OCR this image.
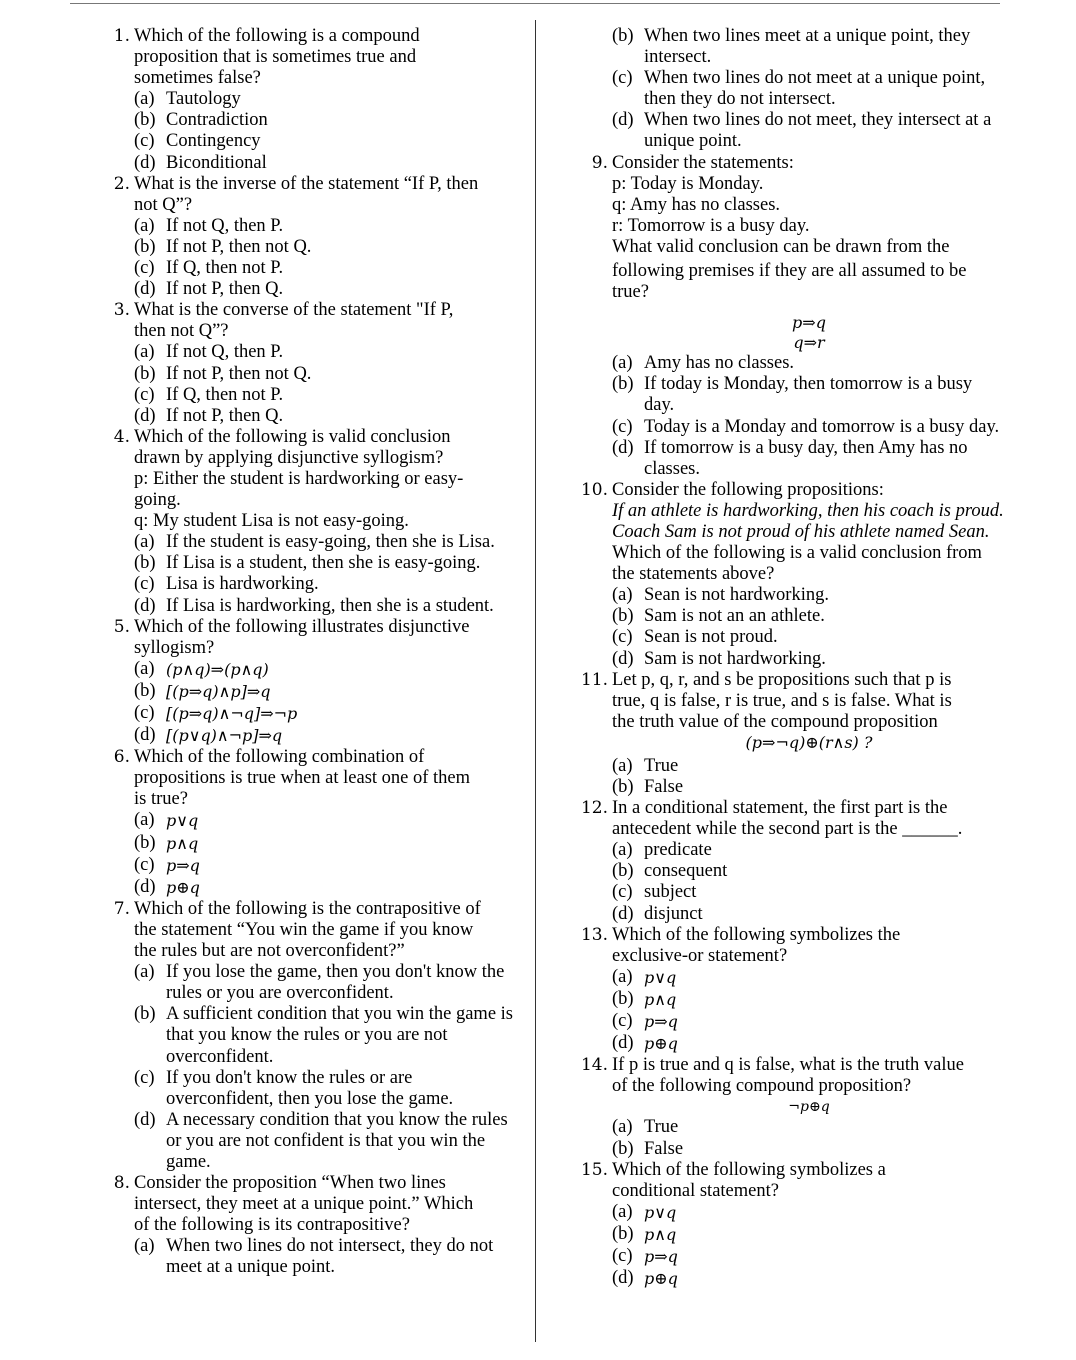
1. Which of the following is a compound
proposition that is sometimes true and
sometimes false?
(a) Tautology
(b) Contradiction
(c) Contingency
(d) Biconditional
2. What is the inverse of the statement “If P, then
not Q”?
(a) If not Q, then P.
(b) If not P, then not Q.
(c) If Q, then not P.
(d) If not P, then Q.
3. What is the converse of the statement "If P,
then not Q”?
(a) If not Q, then P.
(b) If not P, then not Q.
(c) If Q, then not P.
(d) If not P, then Q.
4. Which of the following is valid conclusion
drawn by applying disjunctive syllogism?
p: Either the student is hardworking or easy-
going.
q: My student Lisa is not easy-going.
(a) If the student is easy-going, then she is Lisa.
(b) If Lisa is a student, then she is easy-going.
(c) Lisa is hardworking.
(d) If Lisa is hardworking, then she is a student.
5. Which of the following illustrates disjunctive
syllogism?
(a) (p∧q)⇒(p∧q)
(b) [(p⇒q)∧p]⇒q
(c) [(p⇒q)∧¬q]⇒¬p
(d) [(p∨q)∧¬p]⇒q
6. Which of the following combination of
propositions is true when at least one of them
is true?
(a) p∨q
(b) p∧q
(c) p⇒q
(d) p⊕q
7. Which of the following is the contrapositive of
the statement “You win the game if you know
the rules but are not overconfident?”
(a) If you lose the game, then you don't know the rules or you are overconfident.
(b) A sufficient condition that you win the game is that you know the rules or you are not overconfident.
(c) If you don't know the rules or are overconfident, then you lose the game.
(d) A necessary condition that you know the rules or you are not confident is that you win the game.
8. Consider the proposition “When two lines
intersect, they meet at a unique point.” Which
of the following is its contrapositive?
(a) When two lines do not intersect, they do not meet at a unique point.
(b) When two lines meet at a unique point, they intersect.
(c) When two lines do not meet at a unique point, then they do not intersect.
(d) When two lines do not meet, they intersect at a unique point.
9. Consider the statements:
p: Today is Monday.
q: Amy has no classes.
r: Tomorrow is a busy day.
What valid conclusion can be drawn from the
following premises if they are all assumed to be
true?
p⇒q
q⇒r
(a) Amy has no classes.
(b) If today is Monday, then tomorrow is a busy day.
(c) Today is a Monday and tomorrow is a busy day.
(d) If tomorrow is a busy day, then Amy has no classes.
10. Consider the following propositions:
If an athlete is hardworking, then his coach is proud.
Coach Sam is not proud of his athlete named Sean.
Which of the following is a valid conclusion from the statements above?
(a) Sean is not hardworking.
(b) Sam is not an an athlete.
(c) Sean is not proud.
(d) Sam is not hardworking.
11. Let p, q, r, and s be propositions such that p is
true, q is false, r is true, and s is false. What is
the truth value of the compound proposition
(p⇒¬q)⊕(r∧s) ?
(a) True
(b) False
12. In a conditional statement, the first part is the
antecedent while the second part is the ______.
(a) predicate
(b) consequent
(c) subject
(d) disjunct
13. Which of the following symbolizes the
exclusive-or statement?
(a) p∨q
(b) p∧q
(c) p⇒q
(d) p⊕q
14. If p is true and q is false, what is the truth value
of the following compound proposition?
¬p⊕q
(a) True
(b) False
15. Which of the following symbolizes a
conditional statement?
(a) p∨q
(b) p∧q
(c) p⇒q
(d) p⊕q
